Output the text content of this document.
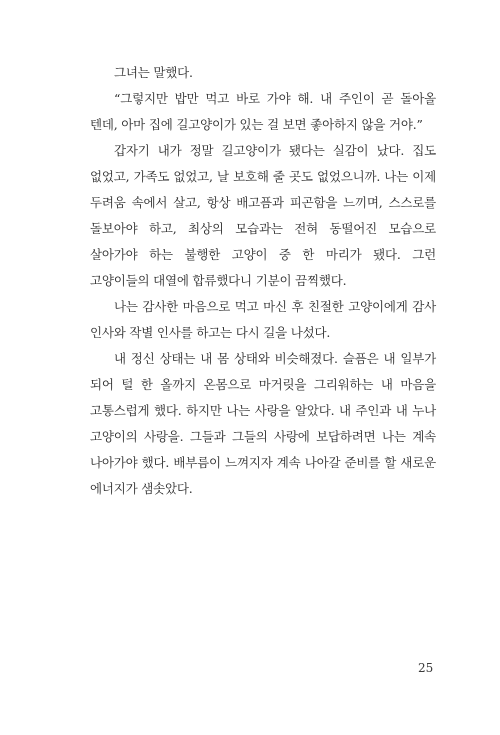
그녀는 말했다.

“그렇지만 밥만 먹고 바로 가야 해. 내 주인이 곧 돌아올 텐데, 아마 집에 길고양이가 있는 걸 보면 좋아하지 않을 거야.”

갑자기 내가 정말 길고양이가 됐다는 실감이 났다. 집도 없었고, 가족도 없었고, 날 보호해 줄 곳도 없었으니까. 나는 이제 두려움 속에서 살고, 항상 배고픔과 피곤함을 느끼며, 스스로를 돌보아야 하고, 최상의 모습과는 전혀 동떨어진 모습으로 살아가야 하는 불행한 고양이 중 한 마리가 됐다. 그런 고양이들의 대열에 합류했다니 기분이 끔찍했다.

나는 감사한 마음으로 먹고 마신 후 친절한 고양이에게 감사 인사와 작별 인사를 하고는 다시 길을 나섰다.

내 정신 상태는 내 몸 상태와 비슷해졌다. 슬픔은 내 일부가 되어 털 한 올까지 온몸으로 마거릿을 그리워하는 내 마음을 고통스럽게 했다. 하지만 나는 사랑을 알았다. 내 주인과 내 누나 고양이의 사랑을. 그들과 그들의 사랑에 보답하려면 나는 계속 나아가야 했다. 배부름이 느껴지자 계속 나아갈 준비를 할 새로운 에너지가 샘솟았다.

25
